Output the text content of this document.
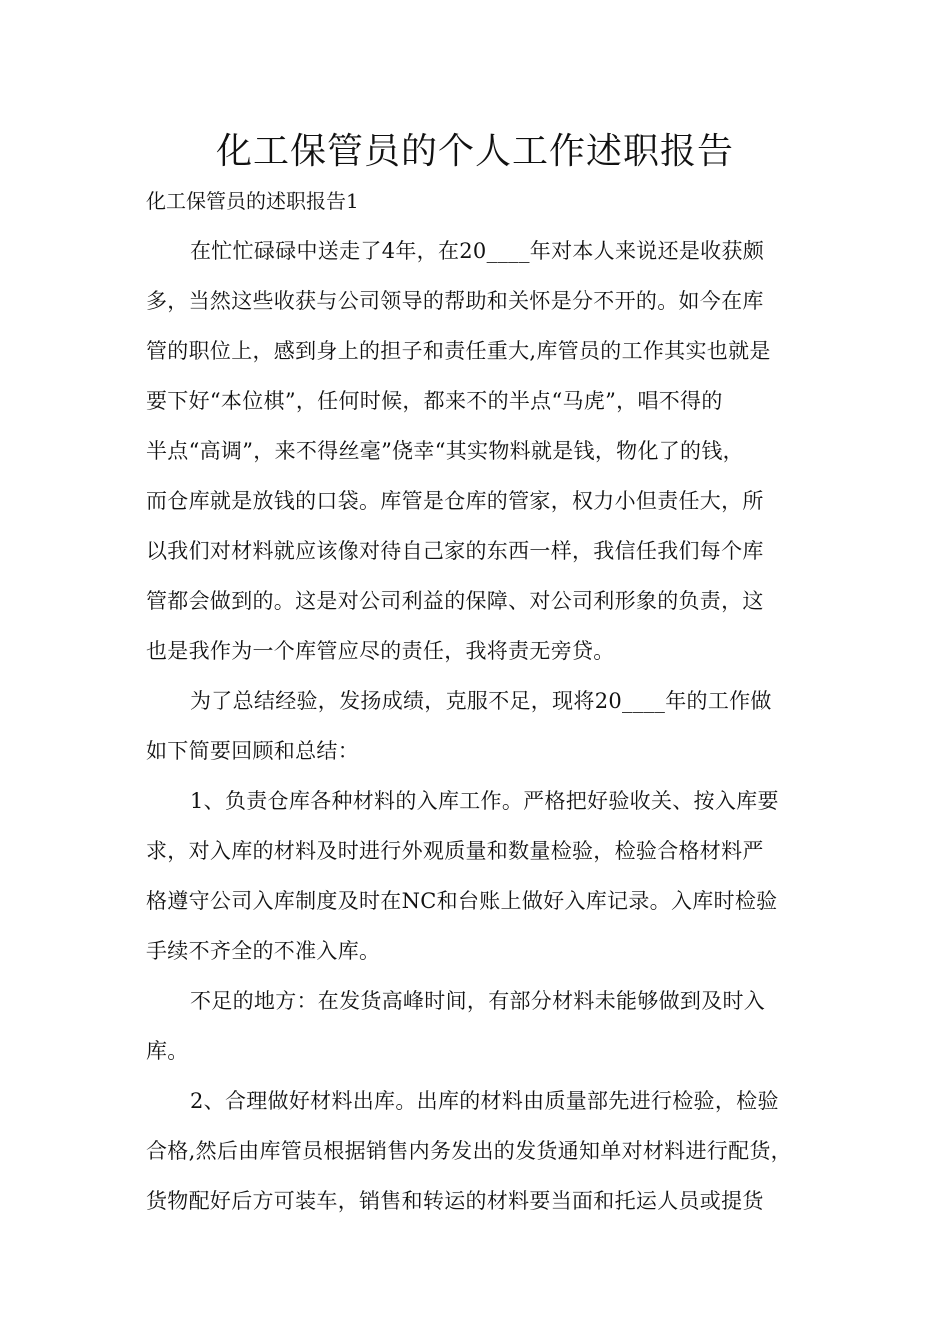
化工保管员的个人工作述职报告

化工保管员的述职报告1

在忙忙碌碌中送走了4年，在20____年对本人来说还是收获颇

多，当然这些收获与公司领导的帮助和关怀是分不开的。如今在库

管的职位上，感到身上的担子和责任重大,库管员的工作其实也就是

要下好“本位棋”，任何时候，都来不的半点“马虎”，唱不得的

半点“高调”，来不得丝毫”侥幸“其实物料就是钱，物化了的钱，

而仓库就是放钱的口袋。库管是仓库的管家，权力小但责任大，所

以我们对材料就应该像对待自己家的东西一样，我信任我们每个库

管都会做到的。这是对公司利益的保障、对公司利形象的负责，这

也是我作为一个库管应尽的责任，我将责无旁贷。

为了总结经验，发扬成绩，克服不足，现将20____年的工作做

如下简要回顾和总结：

1、负责仓库各种材料的入库工作。严格把好验收关、按入库要

求，对入库的材料及时进行外观质量和数量检验，检验合格材料严

格遵守公司入库制度及时在NC和台账上做好入库记录。入库时检验

手续不齐全的不准入库。

不足的地方：在发货高峰时间，有部分材料未能够做到及时入

库。

2、合理做好材料出库。出库的材料由质量部先进行检验，检验

合格,然后由库管员根据销售内务发出的发货通知单对材料进行配货，

货物配好后方可装车，销售和转运的材料要当面和托运人员或提货
